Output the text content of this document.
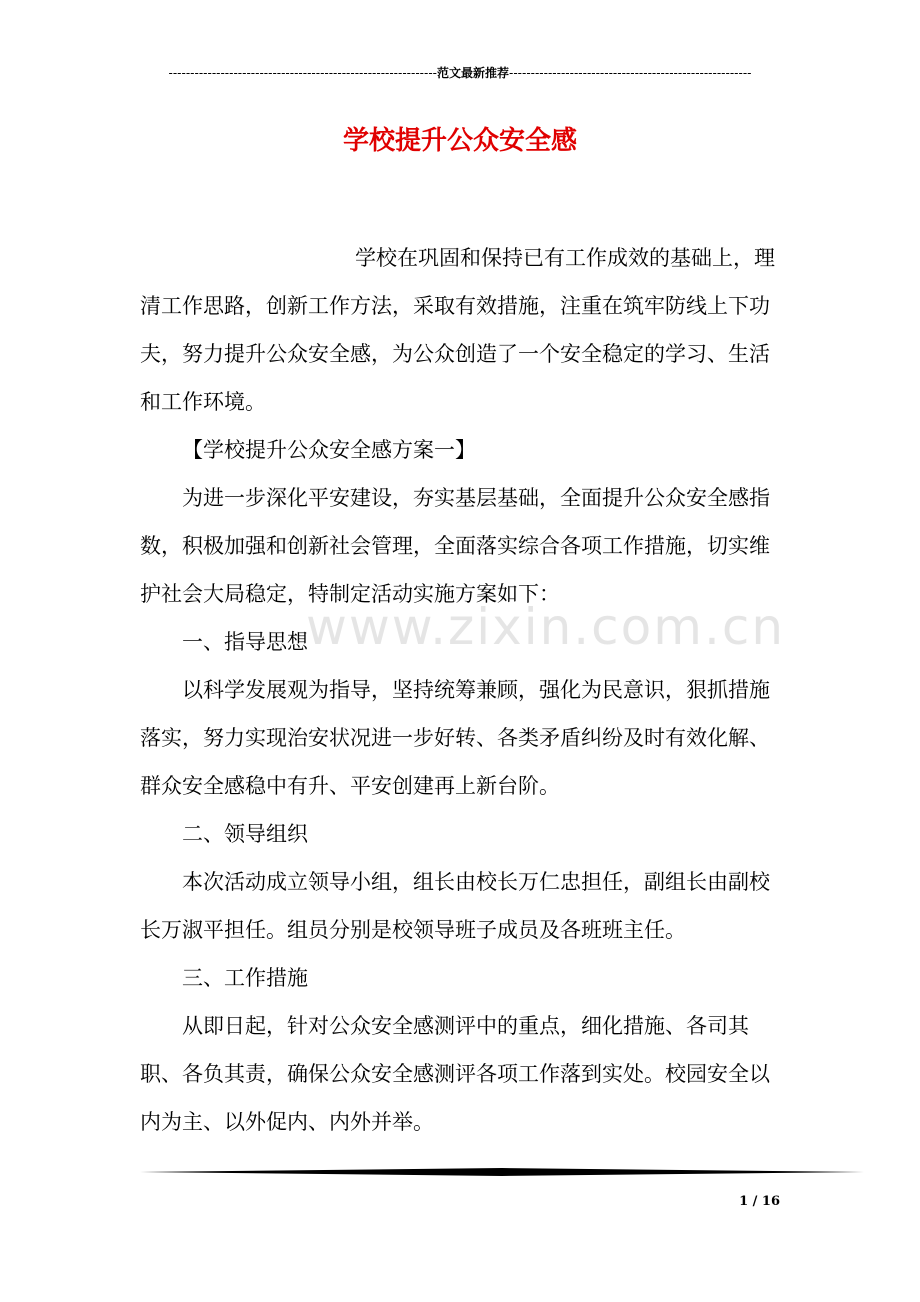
-------------------------------------------------------------- 范文最新推荐 --------------------------------------------------------
学校提升公众安全感

学校在巩固和保持已有工作成效的基础上，理清工作思路，创新工作方法，采取有效措施，注重在筑牢防线上下功夫，努力提升公众安全感，为公众创造了一个安全稳定的学习、生活和工作环境。

【学校提升公众安全感方案一】

为进一步深化平安建设，夯实基层基础，全面提升公众安全感指数，积极加强和创新社会管理，全面落实综合各项工作措施，切实维护社会大局稳定，特制定活动实施方案如下：

一、指导思想

以科学发展观为指导，坚持统筹兼顾，强化为民意识，狠抓措施落实，努力实现治安状况进一步好转、各类矛盾纠纷及时有效化解、群众安全感稳中有升、平安创建再上新台阶。

二、领导组织

本次活动成立领导小组，组长由校长万仁忠担任，副组长由副校长万淑平担任。组员分别是校领导班子成员及各班班主任。

三、工作措施

从即日起，针对公众安全感测评中的重点，细化措施、各司其职、各负其责，确保公众安全感测评各项工作落到实处。校园安全以内为主、以外促内、内外并举。

www.zixin.com.cn
1 / 16
